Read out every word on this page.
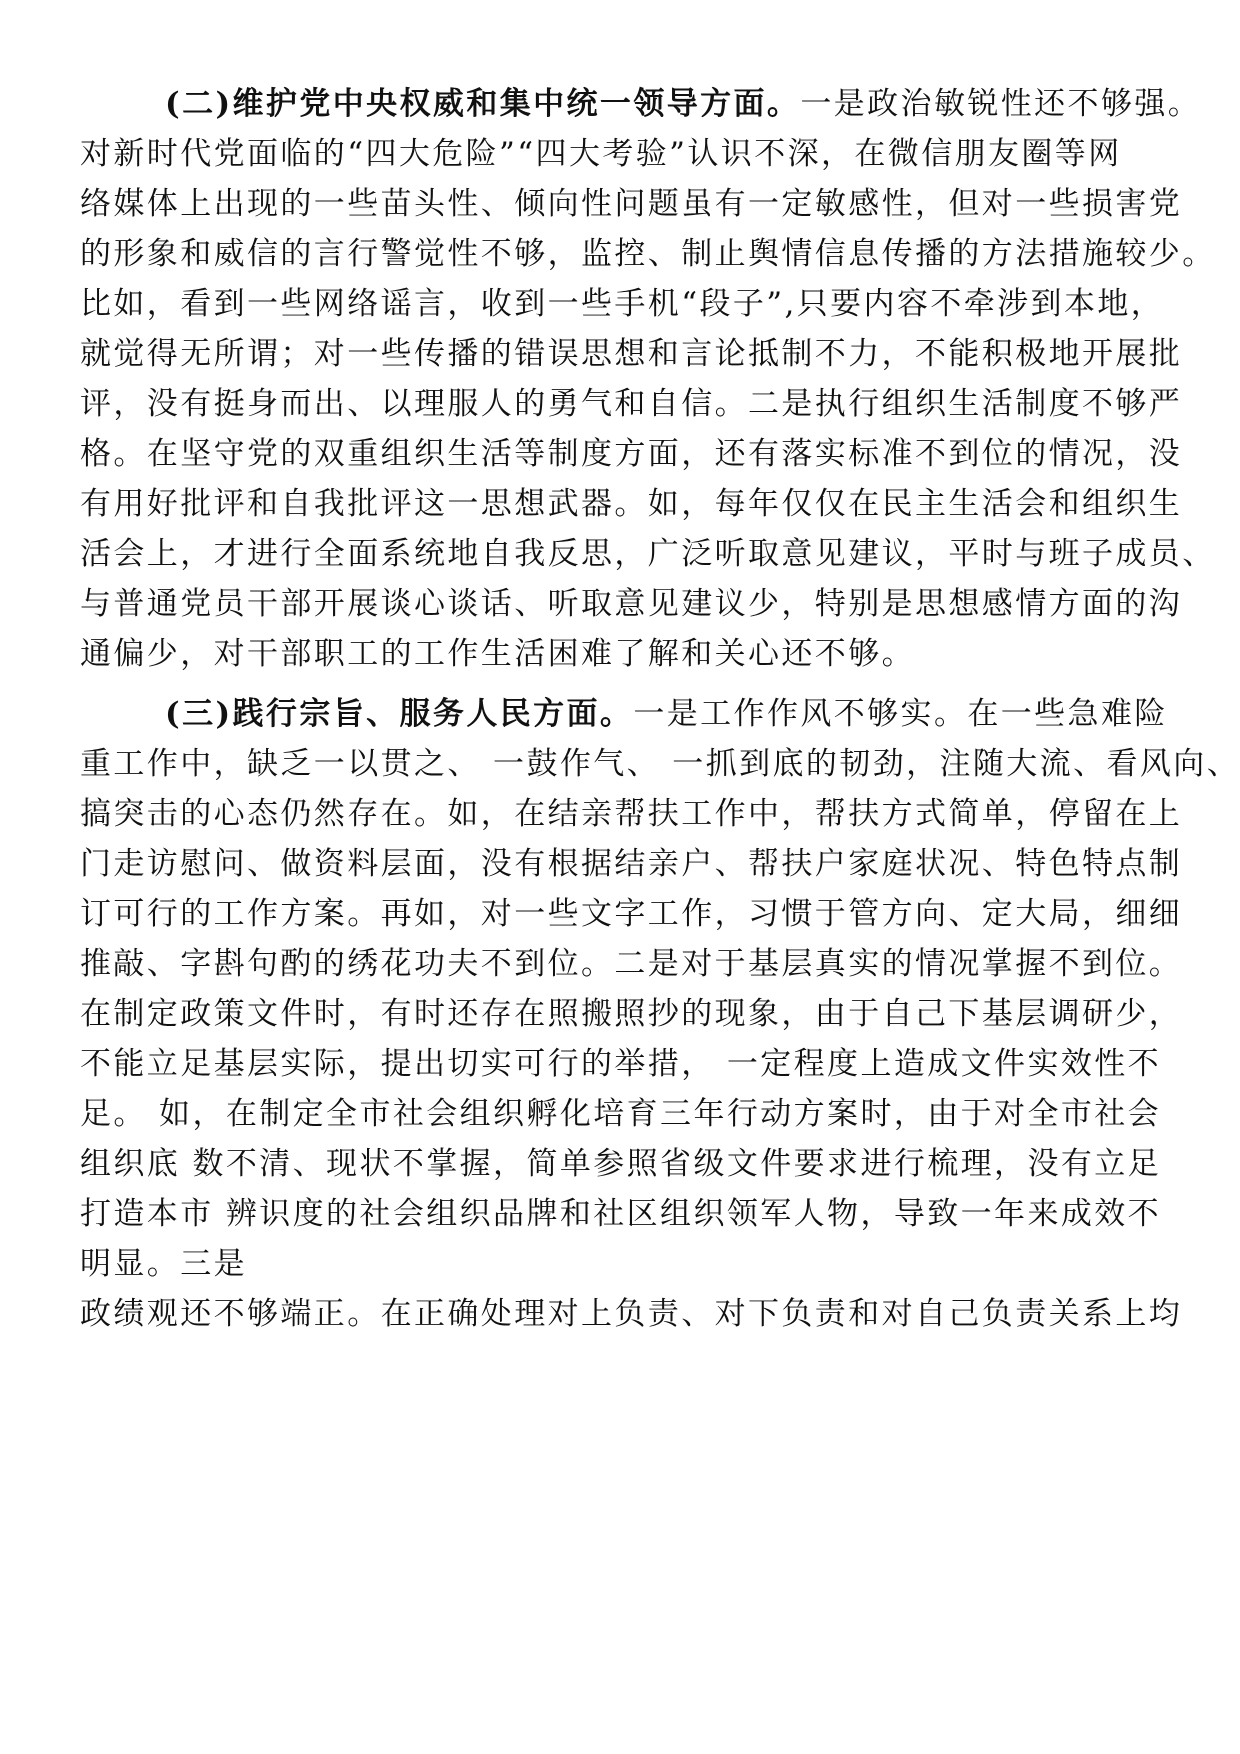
(二)维护党中央权威和集中统一领导方面。一是政治敏锐性还不够强。
对新时代党面临的“四大危险”“四大考验”认识不深，在微信朋友圈等网
络媒体上出现的一些苗头性、倾向性问题虽有一定敏感性，但对一些损害党
的形象和威信的言行警觉性不够，监控、制止舆情信息传播的方法措施较少。
比如，看到一些网络谣言，收到一些手机“段子”,只要内容不牵涉到本地，
就觉得无所谓；对一些传播的错误思想和言论抵制不力，不能积极地开展批
评，没有挺身而出、以理服人的勇气和自信。二是执行组织生活制度不够严
格。在坚守党的双重组织生活等制度方面，还有落实标准不到位的情况，没
有用好批评和自我批评这一思想武器。如，每年仅仅在民主生活会和组织生
活会上，才进行全面系统地自我反思，广泛听取意见建议，平时与班子成员、
与普通党员干部开展谈心谈话、听取意见建议少，特别是思想感情方面的沟
通偏少，对干部职工的工作生活困难了解和关心还不够。
(三)践行宗旨、服务人民方面。一是工作作风不够实。在一些急难险
重工作中，缺乏一以贯之、 一鼓作气、 一抓到底的韧劲，注随大流、看风向、
搞突击的心态仍然存在。如，在结亲帮扶工作中，帮扶方式简单，停留在上
门走访慰问、做资料层面，没有根据结亲户、帮扶户家庭状况、特色特点制
订可行的工作方案。再如，对一些文字工作，习惯于管方向、定大局，细细
推敲、字斟句酌的绣花功夫不到位。二是对于基层真实的情况掌握不到位。
在制定政策文件时，有时还存在照搬照抄的现象，由于自己下基层调研少，
不能立足基层实际，提出切实可行的举措， 一定程度上造成文件实效性不
足。 如，在制定全市社会组织孵化培育三年行动方案时，由于对全市社会
组织底 数不清、现状不掌握，简单参照省级文件要求进行梳理，没有立足
打造本市 辨识度的社会组织品牌和社区组织领军人物，导致一年来成效不
明显。三是
政绩观还不够端正。在正确处理对上负责、对下负责和对自己负责关系上均
